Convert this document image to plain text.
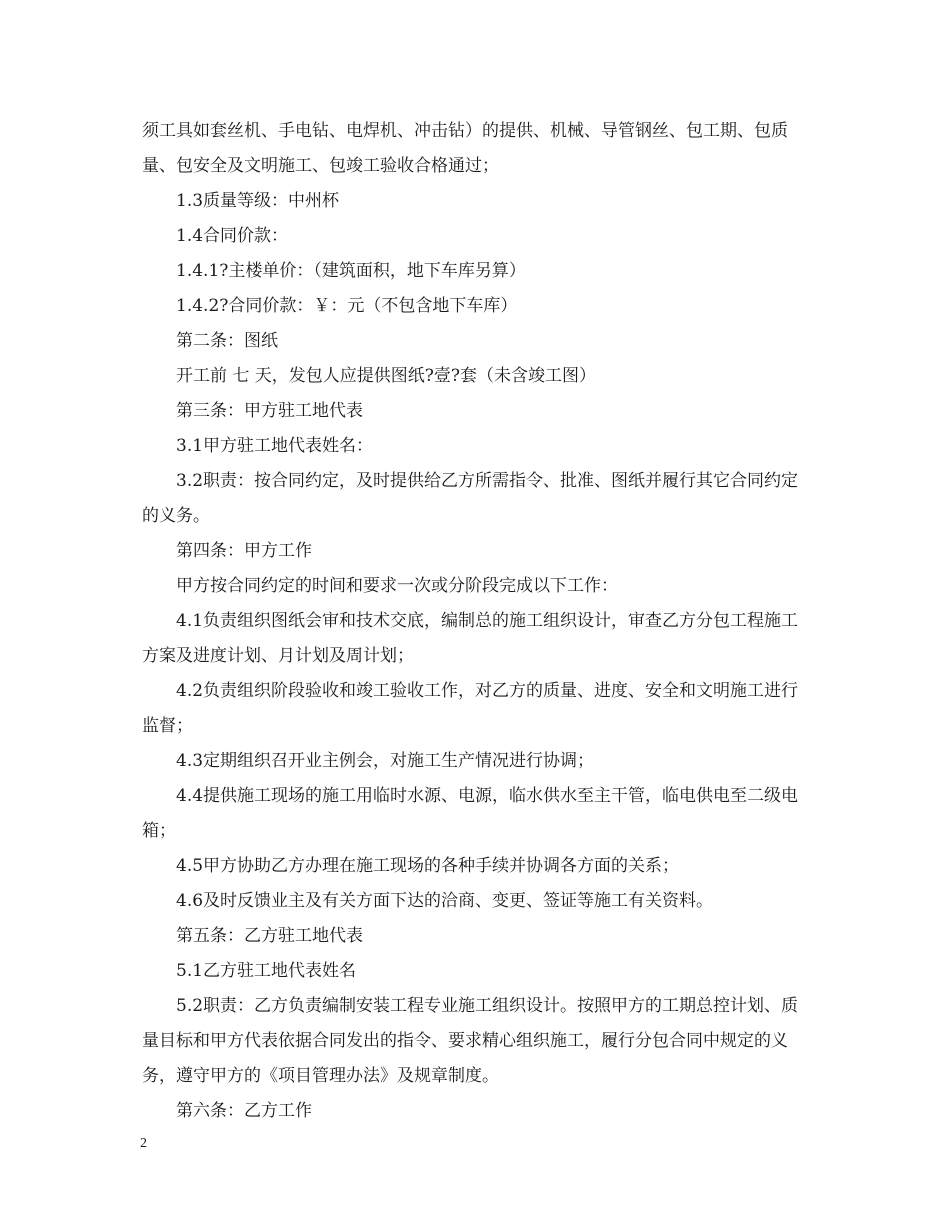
须工具如套丝机、手电钻、电焊机、冲击钻）的提供、机械、导管钢丝、包工期、包质量、包安全及文明施工、包竣工验收合格通过；

1.3质量等级：中州杯

1.4合同价款：

1.4.1?主楼单价：（建筑面积，地下车库另算）

1.4.2?合同价款：￥：元（不包含地下车库）

第二条：图纸

开工前 七 天，发包人应提供图纸?壹?套（未含竣工图）

第三条：甲方驻工地代表

3.1甲方驻工地代表姓名：

3.2职责：按合同约定，及时提供给乙方所需指令、批准、图纸并履行其它合同约定的义务。

第四条：甲方工作

甲方按合同约定的时间和要求一次或分阶段完成以下工作：

4.1负责组织图纸会审和技术交底，编制总的施工组织设计，审查乙方分包工程施工方案及进度计划、月计划及周计划；

4.2负责组织阶段验收和竣工验收工作，对乙方的质量、进度、安全和文明施工进行监督；

4.3定期组织召开业主例会，对施工生产情况进行协调；

4.4提供施工现场的施工用临时水源、电源，临水供水至主干管，临电供电至二级电箱；

4.5甲方协助乙方办理在施工现场的各种手续并协调各方面的关系；

4.6及时反馈业主及有关方面下达的洽商、变更、签证等施工有关资料。

第五条：乙方驻工地代表

5.1乙方驻工地代表姓名

5.2职责：乙方负责编制安装工程专业施工组织设计。按照甲方的工期总控计划、质量目标和甲方代表依据合同发出的指令、要求精心组织施工，履行分包合同中规定的义务，遵守甲方的《项目管理办法》及规章制度。

第六条：乙方工作

2
